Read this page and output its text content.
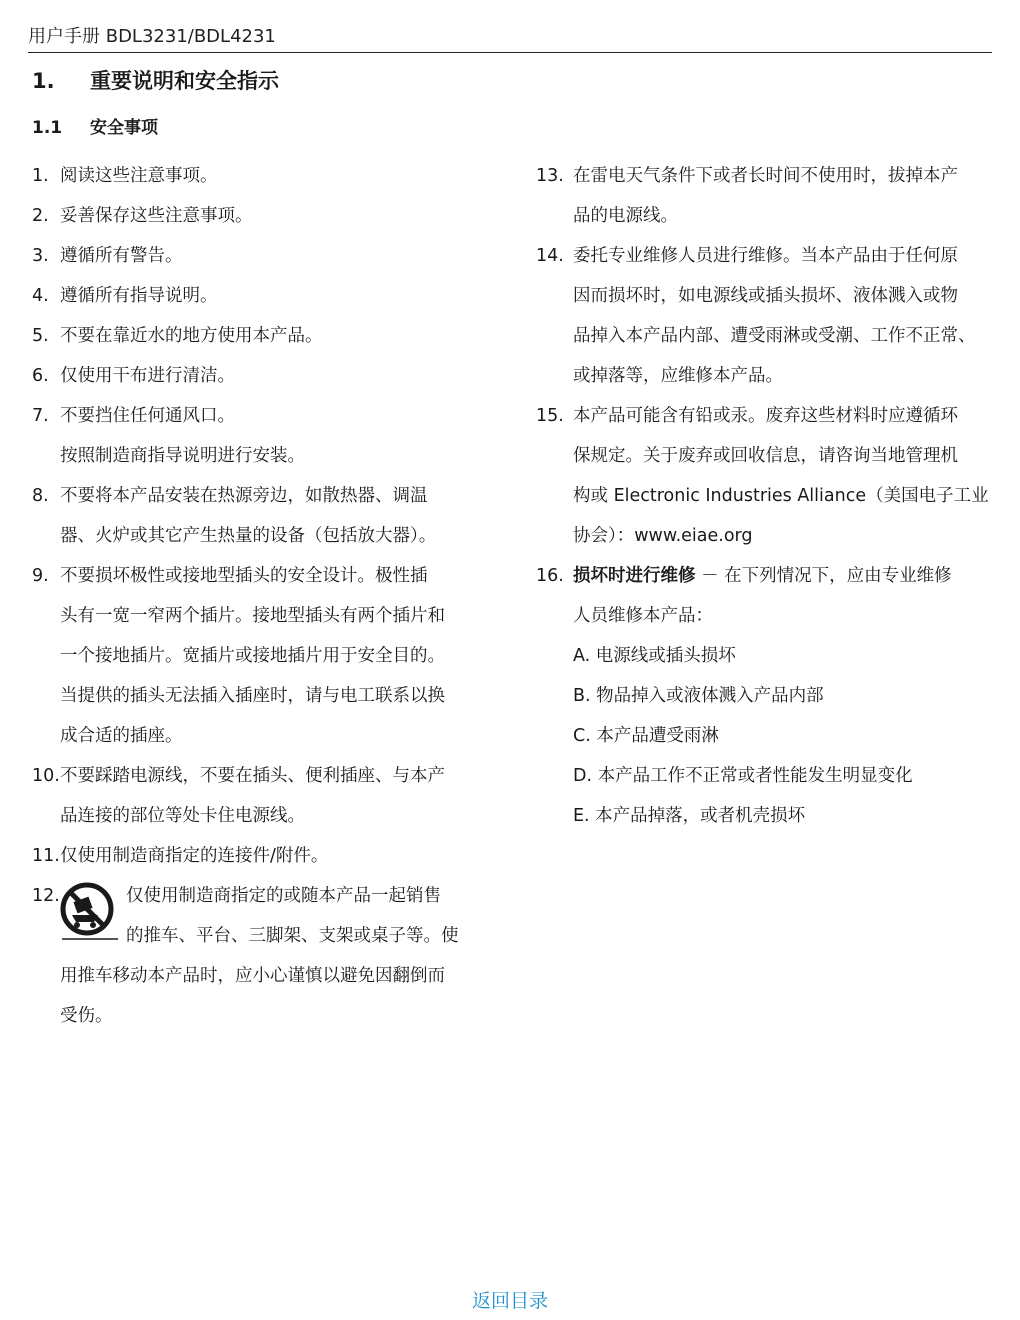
用户手册 BDL3231/BDL4231
1. 重要说明和安全指示
1.1 安全事项
1. 阅读这些注意事项。
2. 妥善保存这些注意事项。
3. 遵循所有警告。
4. 遵循所有指导说明。
5. 不要在靠近水的地方使用本产品。
6. 仅使用干布进行清洁。
7. 不要挡住任何通风口。
按照制造商指导说明进行安装。
8. 不要将本产品安装在热源旁边，如散热器、调温
器、火炉或其它产生热量的设备（包括放大器）。
9. 不要损坏极性或接地型插头的安全设计。极性插
头有一宽一窄两个插片。接地型插头有两个插片和
一个接地插片。宽插片或接地插片用于安全目的。
当提供的插头无法插入插座时，请与电工联系以换
成合适的插座。
10. 不要踩踏电源线，不要在插头、便利插座、与本产
品连接的部位等处卡住电源线。
11. 仅使用制造商指定的连接件/附件。
12.	仅使用制造商指定的或随本产品一起销售
的推车、平台、三脚架、支架或桌子等。使
用推车移动本产品时，应小心谨慎以避免因翻倒而
受伤。
13. 在雷电天气条件下或者长时间不使用时，拔掉本产
品的电源线。
14. 委托专业维修人员进行维修。当本产品由于任何原
因而损坏时，如电源线或插头损坏、液体溅入或物
品掉入本产品内部、遭受雨淋或受潮、工作不正常、
或掉落等，应维修本产品。
15. 本产品可能含有铅或汞。废弃这些材料时应遵循环
保规定。关于废弃或回收信息，请咨询当地管理机
构或 Electronic Industries Alliance（美国电子工业
协会）：www.eiae.org
16. 损坏时进行维修 － 在下列情况下，应由专业维修
人员维修本产品：
A. 电源线或插头损坏
B. 物品掉入或液体溅入产品内部
C. 本产品遭受雨淋
D. 本产品工作不正常或者性能发生明显变化
E. 本产品掉落，或者机壳损坏
返回目录
